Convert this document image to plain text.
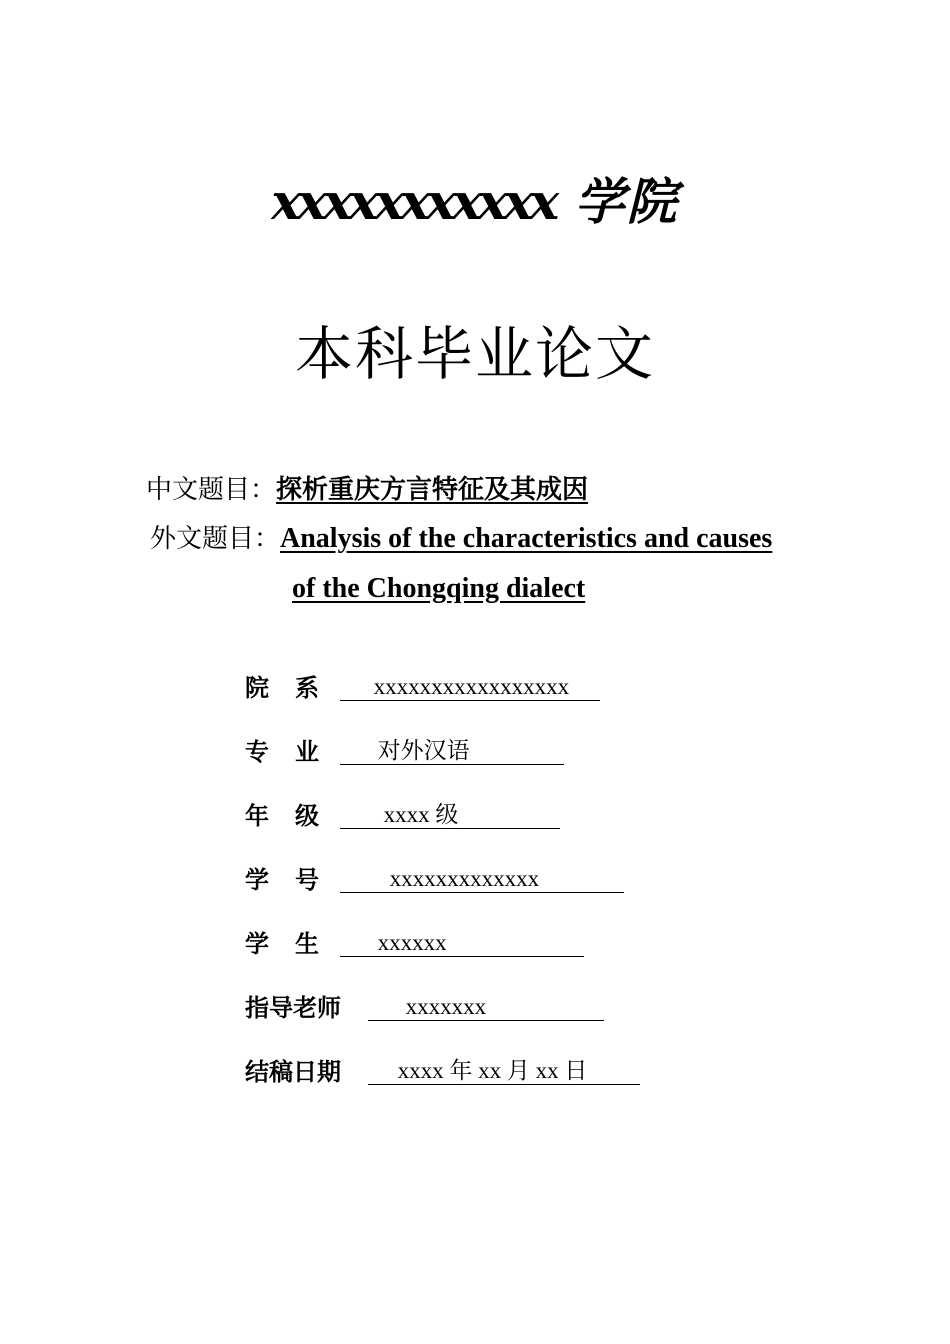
xxxxxxxxxxx 学院
本科毕业论文
中文题目：探析重庆方言特征及其成因
外文题目：Analysis of the characteristics and causes
of the Chongqing dialect
院系 xxxxxxxxxxxxxxxxx
专业 对外汉语
年级 xxxx 级
学号 xxxxxxxxxxxxx
学生 xxxxxx
指导老师	xxxxxxx
结稿日期 xxxx 年 xx 月 xx 日
